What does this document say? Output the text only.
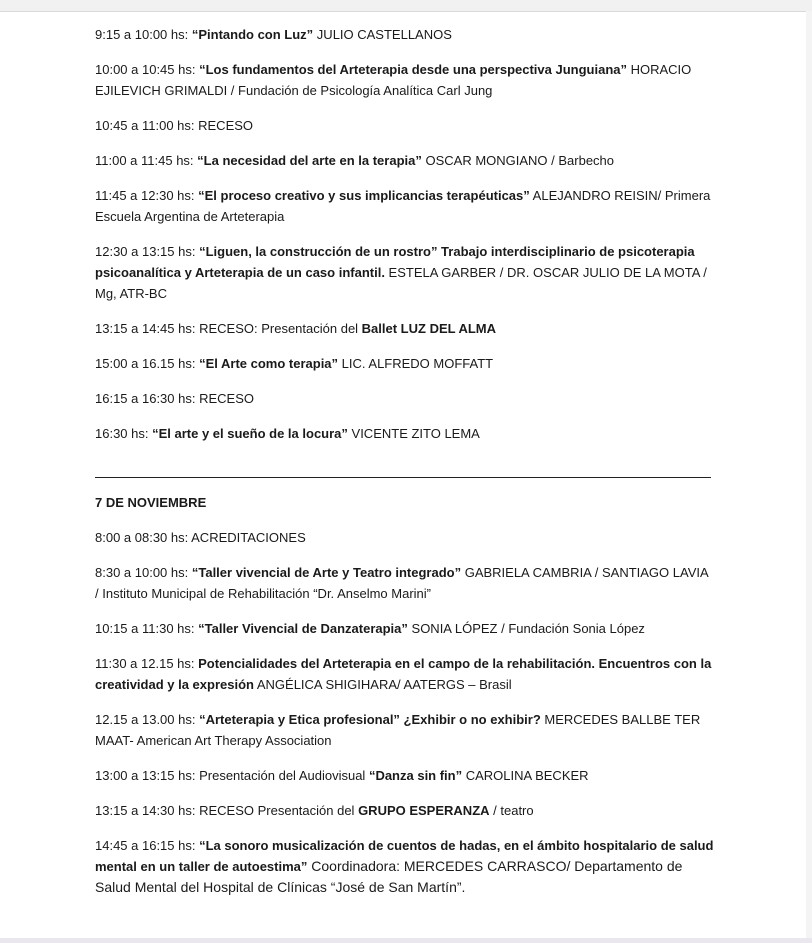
9:15 a 10:00 hs: “Pintando con Luz” JULIO CASTELLANOS

10:00 a 10:45 hs: “Los fundamentos del Arteterapia desde una perspectiva Junguiana” HORACIO EJILEVICH GRIMALDI / Fundación de Psicología Analítica Carl Jung

10:45 a 11:00 hs: RECESO

11:00 a 11:45 hs: “La necesidad del arte en la terapia” OSCAR MONGIANO / Barbecho

11:45 a 12:30 hs: “El proceso creativo y sus implicancias terapéuticas” ALEJANDRO REISIN/ Primera Escuela Argentina de Arteterapia

12:30 a 13:15 hs: “Liguen, la construcción de un rostro” Trabajo interdisciplinario de psicoterapia psicoanalítica y Arteterapia de un caso infantil. ESTELA GARBER / DR. OSCAR JULIO DE LA MOTA / Mg, ATR-BC

13:15 a 14:45 hs: RECESO: Presentación del Ballet LUZ DEL ALMA

15:00 a 16.15 hs: “El Arte como terapia” LIC. ALFREDO MOFFATT

16:15 a 16:30 hs: RECESO

16:30 hs: “El arte y el sueño de la locura” VICENTE ZITO LEMA

7 DE NOVIEMBRE

8:00 a 08:30 hs: ACREDITACIONES

8:30 a 10:00 hs: “Taller vivencial de Arte y Teatro integrado” GABRIELA CAMBRIA / SANTIAGO LAVIA / Instituto Municipal de Rehabilitación “Dr. Anselmo Marini”

10:15 a 11:30 hs: “Taller Vivencial de Danzaterapia” SONIA LÓPEZ / Fundación Sonia López

11:30 a 12.15 hs: Potencialidades del Arteterapia en el campo de la rehabilitación. Encuentros con la creatividad y la expresión ANGÉLICA SHIGIHARA/ AATERGS – Brasil

12.15 a 13.00 hs: “Arteterapia y Etica profesional” ¿Exhibir o no exhibir? MERCEDES BALLBE TER MAAT- American Art Therapy Association

13:00 a 13:15 hs: Presentación del Audiovisual “Danza sin fin” CAROLINA BECKER

13:15 a 14:30 hs: RECESO Presentación del GRUPO ESPERANZA / teatro

14:45 a 16:15 hs: “La sonoro musicalización de cuentos de hadas, en el ámbito hospitalario de salud mental en un taller de autoestima” Coordinadora: MERCEDES CARRASCO/ Departamento de Salud Mental del Hospital de Clínicas “José de San Martín”.
